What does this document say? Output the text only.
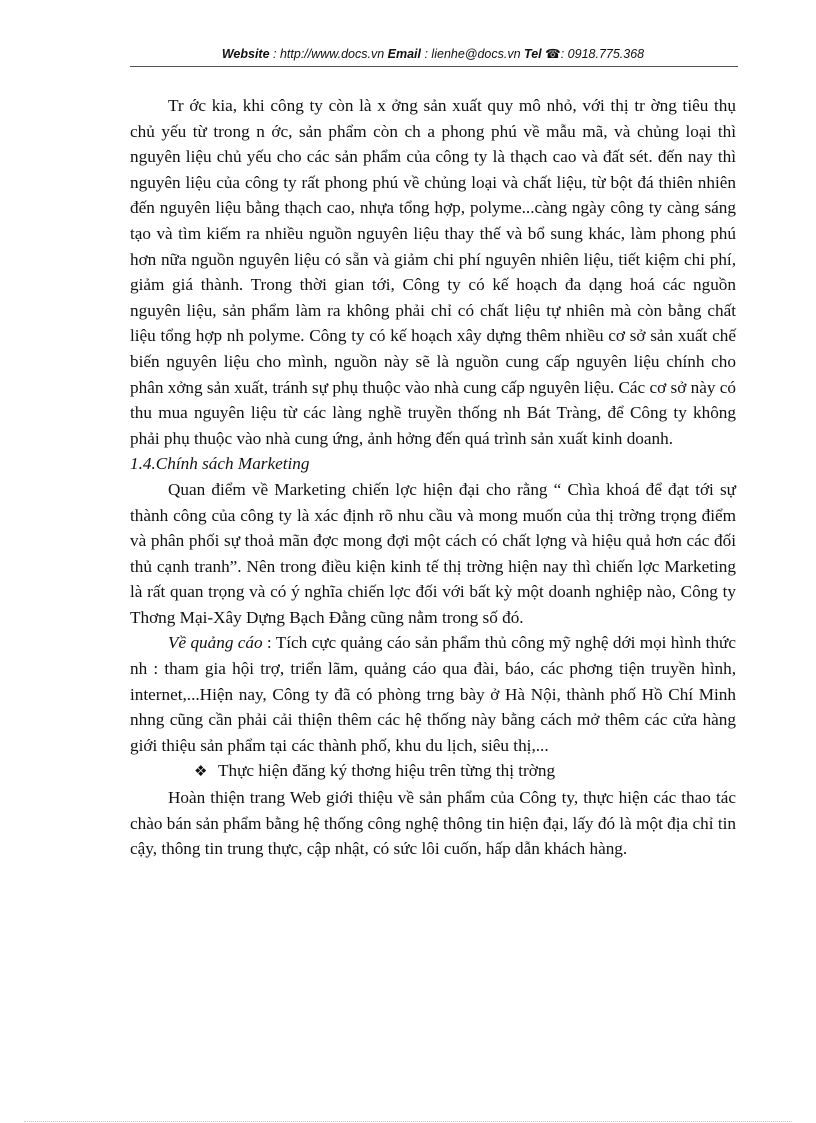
Website : http://www.docs.vn Email : lienhe@docs.vn Tel ☎: 0918.775.368

Tr ớc kia, khi công ty còn là x ởng sản xuất quy mô nhỏ, với thị tr ờng tiêu thụ chủ yếu từ trong n ớc, sản phẩm còn ch a phong phú về mẫu mã, và chủng loại thì nguyên liệu chủ yếu cho các sản phẩm của công ty là thạch cao và đất sét. đến nay thì nguyên liệu của công ty rất phong phú về chủng loại và chất liệu, từ bột đá thiên nhiên đến nguyên liệu bằng thạch cao, nhựa tổng hợp, polyme...càng ngày công ty càng sáng tạo và tìm kiếm ra nhiều nguồn nguyên liệu thay thế và bổ sung khác, làm phong phú hơn nữa nguồn nguyên liệu có sẵn và giảm chi phí nguyên nhiên liệu, tiết kiệm chi phí, giảm giá thành. Trong thời gian tới, Công ty có kế hoạch đa dạng hoá các nguồn nguyên liệu, sản phẩm làm ra không phải chỉ có chất liệu tự nhiên mà còn bằng chất liệu tổng hợp nh polyme. Công ty có kế hoạch xây dựng thêm nhiều cơ sở sản xuất chế biến nguyên liệu cho mình, nguồn này sẽ là nguồn cung cấp nguyên liệu chính cho phân xởng sản xuất, tránh sự phụ thuộc vào nhà cung cấp nguyên liệu. Các cơ sở này có thu mua nguyên liệu từ các làng nghề truyền thống nh Bát Tràng, để Công ty không phải phụ thuộc vào nhà cung ứng, ảnh hởng đến quá trình sản xuất kinh doanh.

1.4.Chính sách Marketing

Quan điểm về Marketing chiến lợc hiện đại cho rằng “ Chìa khoá để đạt tới sự thành công của công ty là xác định rõ nhu cầu và mong muốn của thị trờng trọng điểm và phân phối sự thoả mãn đợc mong đợi một cách có chất lợng và hiệu quả hơn các đối thủ cạnh tranh”. Nên trong điều kiện kinh tế thị trờng hiện nay thì chiến lợc Marketing là rất quan trọng và có ý nghĩa chiến lợc đối với bất kỳ một doanh nghiệp nào, Công ty Thơng Mại-Xây Dựng Bạch Đằng cũng nằm trong số đó.

Về quảng cáo : Tích cực quảng cáo sản phẩm thủ công mỹ nghệ dới mọi hình thức nh : tham gia hội trợ, triển lãm, quảng cáo qua đài, báo, các phơng tiện truyền hình, internet,...Hiện nay, Công ty đã có phòng trng bày ở Hà Nội, thành phố Hồ Chí Minh nhng cũng cần phải cải thiện thêm các hệ thống này bằng cách mở thêm các cửa hàng giới thiệu sản phẩm tại các thành phố, khu du lịch, siêu thị,...

❖ Thực hiện đăng ký thơng hiệu trên từng thị trờng

Hoàn thiện trang Web giới thiệu về sản phẩm của Công ty, thực hiện các thao tác chào bán sản phẩm bằng hệ thống công nghệ thông tin hiện đại, lấy đó là một địa chỉ tin cậy, thông tin trung thực, cập nhật, có sức lôi cuốn, hấp dẫn khách hàng.
